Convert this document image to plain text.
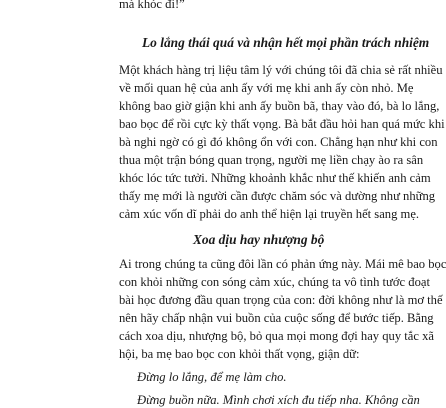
mà khóc đi!”
Lo lắng thái quá và nhận hết mọi phần trách nhiệm
Một khách hàng trị liệu tâm lý với chúng tôi đã chia sẻ rất nhiều
về mối quan hệ của anh ấy với mẹ khi anh ấy còn nhỏ. Mẹ
không bao giờ giận khi anh ấy buồn bã, thay vào đó, bà lo lắng,
bao bọc để rồi cực kỳ thất vọng. Bà bắt đầu hỏi han quá mức khi
bà nghi ngờ có gì đó không ổn với con. Chẳng hạn như khi con
thua một trận bóng quan trọng, người mẹ liền chạy ào ra sân
khóc lóc tức tưởi. Những khoảnh khắc như thế khiến anh cảm
thấy mẹ mới là người cần được chăm sóc và dường như những
cảm xúc vốn dĩ phải do anh thể hiện lại truyền hết sang mẹ.
Xoa dịu hay nhượng bộ
Ai trong chúng ta cũng đôi lần có phản ứng này. Mái mê bao bọc
con khỏi những con sóng cảm xúc, chúng ta vô tình tước đoạt
bài học đương đầu quan trọng của con: đời không như là mơ thế
nên hãy chấp nhận vui buồn của cuộc sống để bước tiếp. Bằng
cách xoa dịu, nhượng bộ, bỏ qua mọi mong đợi hay quy tắc xã
hội, ba mẹ bao bọc con khỏi thất vọng, giận dữ:
Đừng lo lắng, để mẹ làm cho.
Đừng buồn nữa. Mình chơi xích đu tiếp nha. Không cần
